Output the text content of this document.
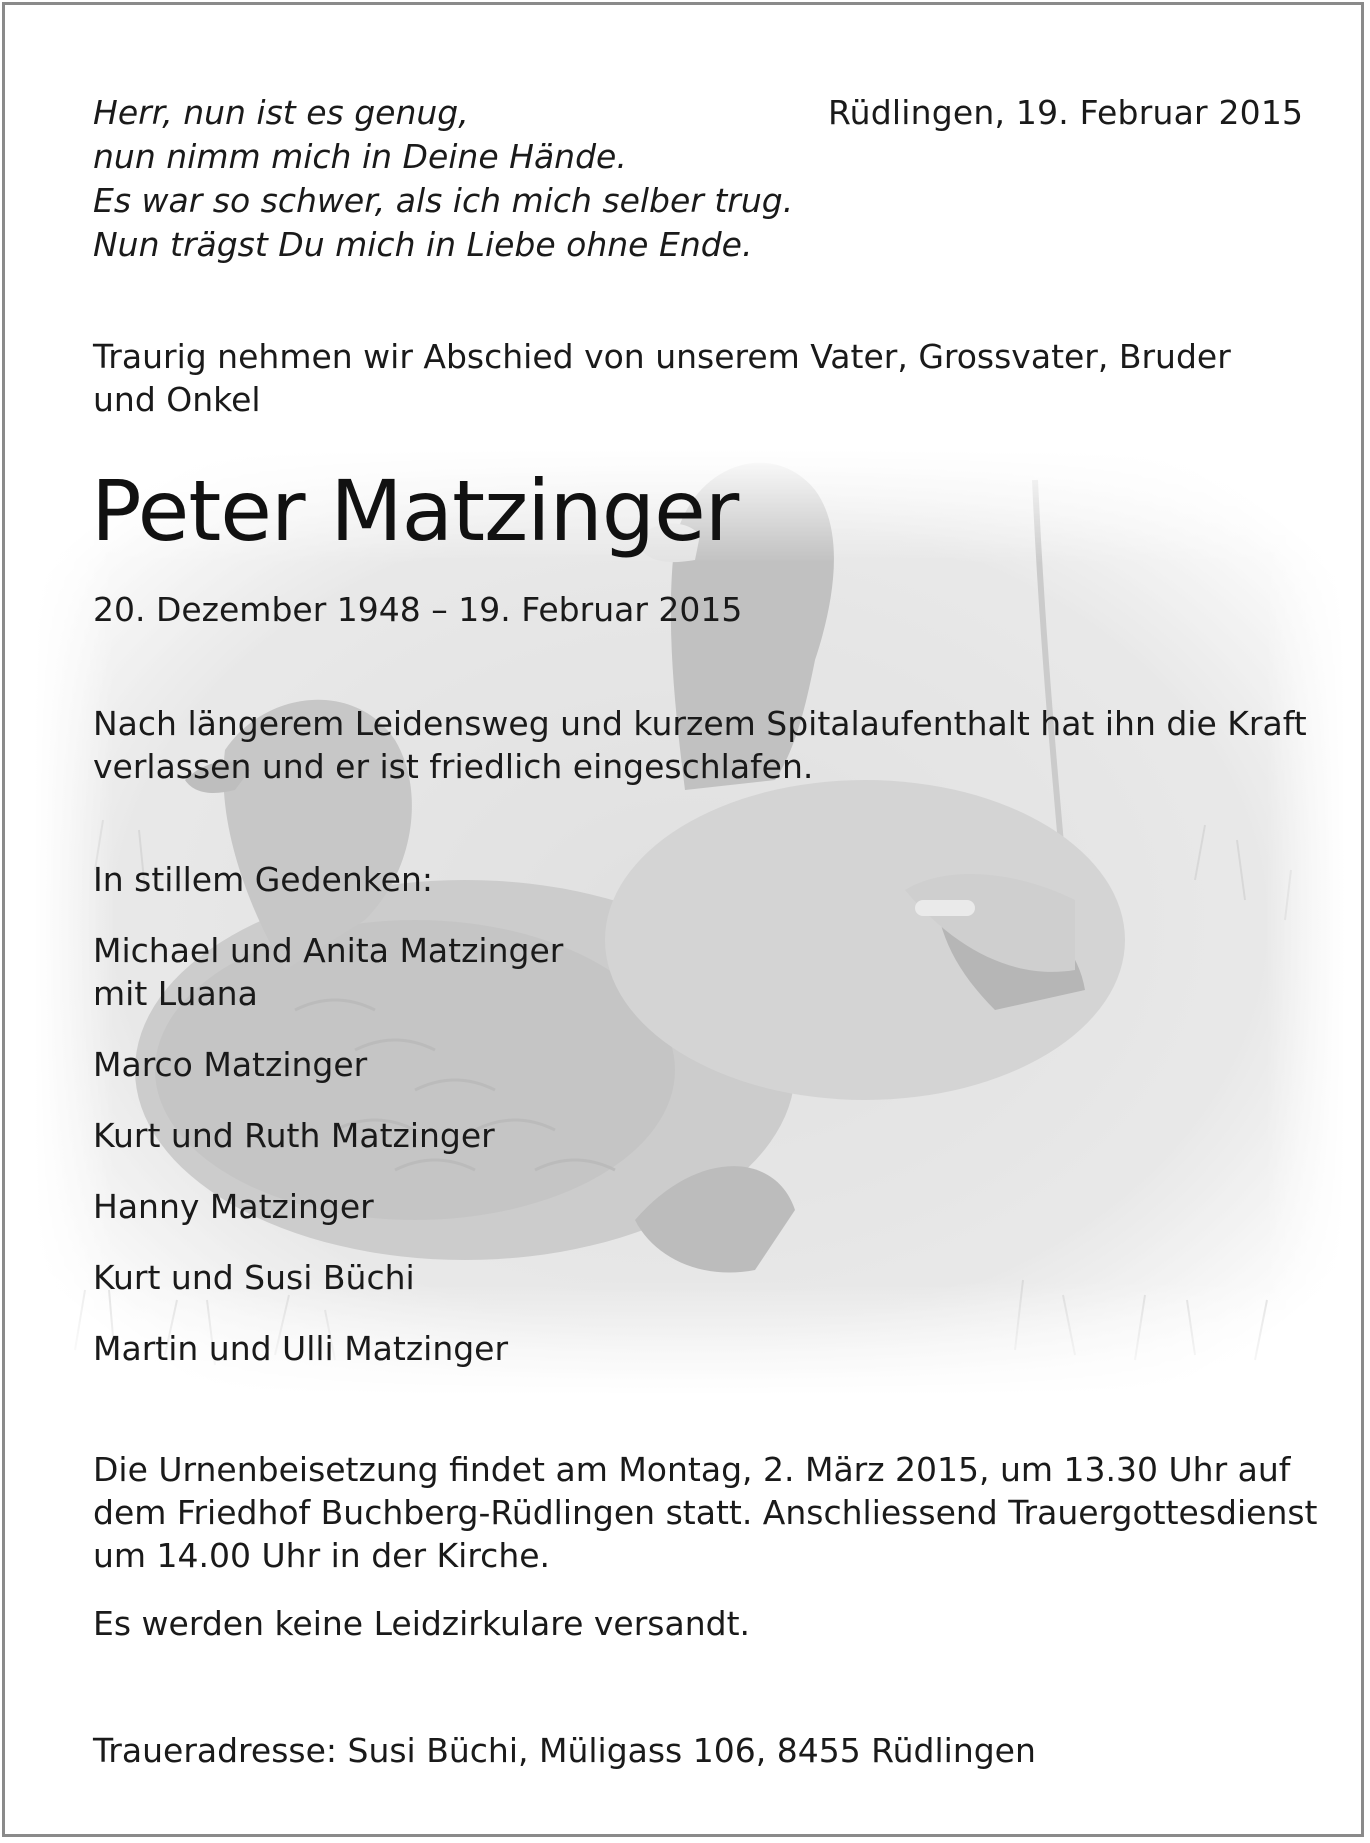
Herr, nun ist es genug,
nun nimm mich in Deine Hände.
Es war so schwer, als ich mich selber trug.
Nun trägst Du mich in Liebe ohne Ende.
Rüdlingen, 19. Februar 2015
Traurig nehmen wir Abschied von unserem Vater, Grossvater, Bruder und Onkel
Peter Matzinger
20. Dezember 1948 – 19. Februar 2015
Nach längerem Leidensweg und kurzem Spitalaufenthalt hat ihn die Kraft
verlassen und er ist friedlich eingeschlafen.
In stillem Gedenken:
Michael und Anita Matzinger
mit Luana
Marco Matzinger
Kurt und Ruth Matzinger
Hanny Matzinger
Kurt und Susi Büchi
Martin und Ulli Matzinger
Die Urnenbeisetzung findet am Montag, 2. März 2015, um 13.30 Uhr auf
dem Friedhof Buchberg-Rüdlingen statt. Anschliessend Trauergottesdienst
um 14.00 Uhr in der Kirche.
Es werden keine Leidzirkulare versandt.
Traueradresse: Susi Büchi, Müligass 106, 8455 Rüdlingen
